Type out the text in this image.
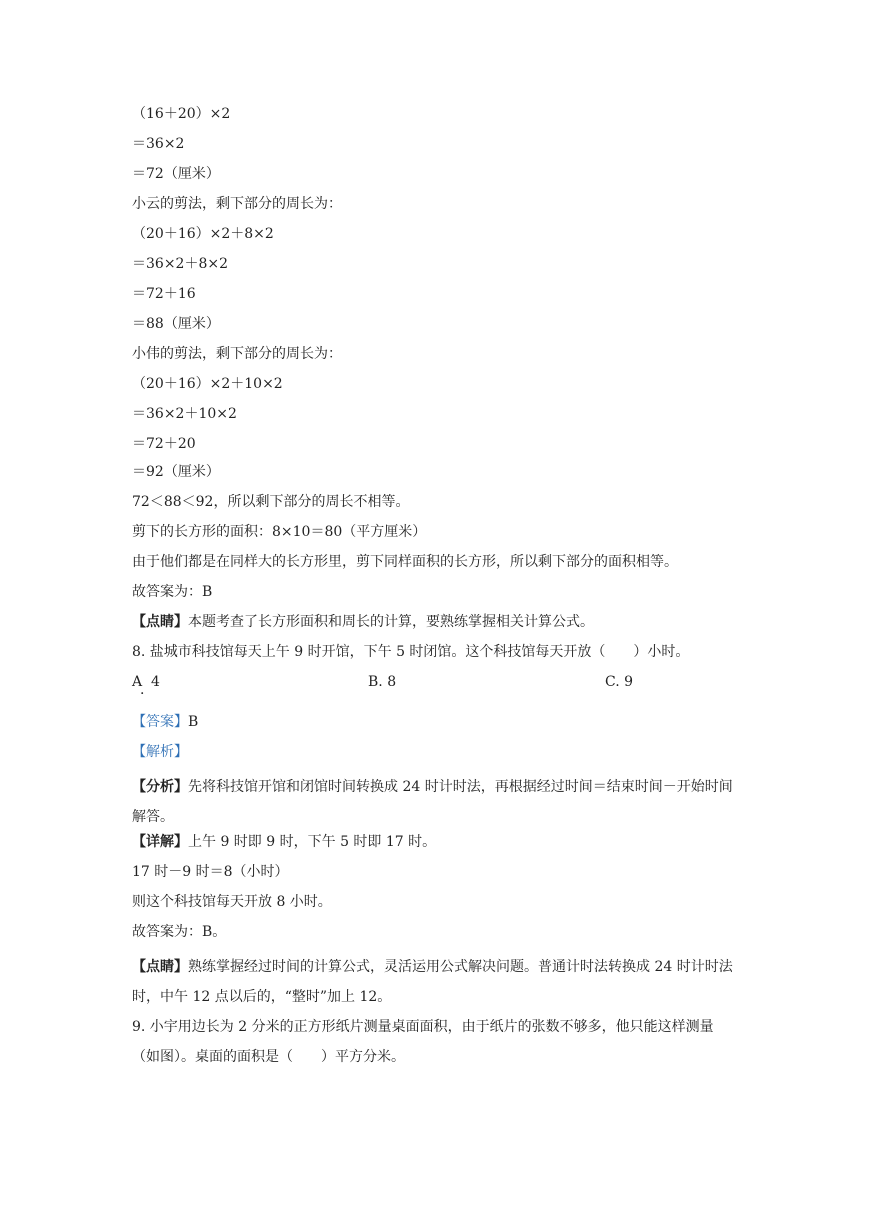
（16＋20）×2
＝36×2
＝72（厘米）
小云的剪法，剩下部分的周长为：
（20＋16）×2＋8×2
＝36×2＋8×2
＝72＋16
＝88（厘米）
小伟的剪法，剩下部分的周长为：
（20＋16）×2＋10×2
＝36×2＋10×2
＝72＋20
＝92（厘米）
72＜88＜92，所以剩下部分的周长不相等。
剪下的长方形的面积：8×10＝80（平方厘米）
由于他们都是在同样大的长方形里，剪下同样面积的长方形，所以剩下部分的面积相等。
故答案为：B
【点睛】本题考查了长方形面积和周长的计算，要熟练掌握相关计算公式。
8. 盐城市科技馆每天上午 9 时开馆，下午 5 时闭馆。这个科技馆每天开放（　　）小时。
A 4
·
B. 8	C. 9
【答案】B
【解析】
【分析】先将科技馆开馆和闭馆时间转换成 24 时计时法，再根据经过时间＝结束时间－开始时间解答。
【详解】上午 9 时即 9 时，下午 5 时即 17 时。
17 时－9 时＝8（小时）
则这个科技馆每天开放 8 小时。
故答案为：B。
【点睛】熟练掌握经过时间的计算公式，灵活运用公式解决问题。普通计时法转换成 24 时计时法时，中午 12 点以后的，“整时”加上 12。
9. 小宇用边长为 2 分米的正方形纸片测量桌面面积，由于纸片的张数不够多，他只能这样测量（如图）。桌面的面积是（　　）平方分米。
